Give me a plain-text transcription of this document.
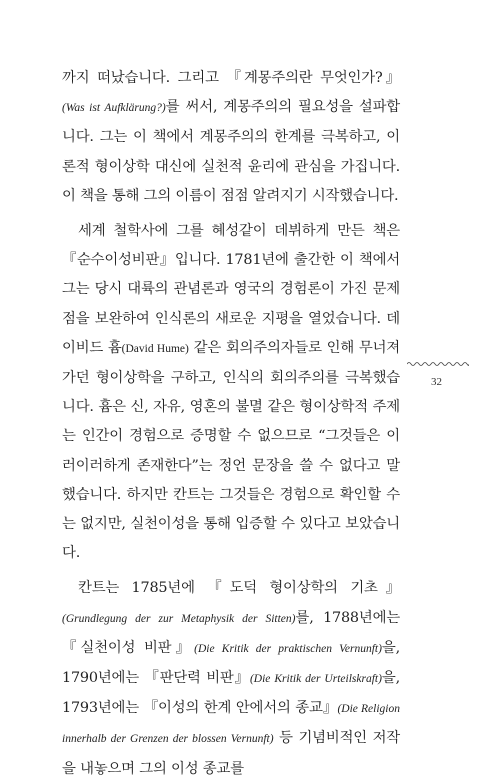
까지 떠났습니다. 그리고 『계몽주의란 무엇인가?』(Was ist Aufklärung?)를 써서, 계몽주의의 필요성을 설파합니다. 그는 이 책에서 계몽주의의 한계를 극복하고, 이론적 형이상학 대신에 실천적 윤리에 관심을 가집니다. 이 책을 통해 그의 이름이 점점 알려지기 시작했습니다.

세계 철학사에 그를 혜성같이 데뷔하게 만든 책은 『순수이성비판』입니다. 1781년에 출간한 이 책에서 그는 당시 대륙의 관념론과 영국의 경험론이 가진 문제점을 보완하여 인식론의 새로운 지평을 열었습니다. 데이비드 흄(David Hume) 같은 회의주의자들로 인해 무너져 가던 형이상학을 구하고, 인식의 회의주의를 극복했습니다. 흄은 신, 자유, 영혼의 불멸 같은 형이상학적 주제는 인간이 경험으로 증명할 수 없으므로 “그것들은 이러이러하게 존재한다”는 정언 문장을 쓸 수 없다고 말했습니다. 하지만 칸트는 그것들은 경험으로 확인할 수는 없지만, 실천이성을 통해 입증할 수 있다고 보았습니다.

칸트는 1785년에 『도덕 형이상학의 기초』(Grundlegung der zur Metaphysik der Sitten)를, 1788년에는 『실천이성 비판』(Die Kritik der praktischen Vernunft)을, 1790년에는 『판단력 비판』(Die Kritik der Urteilskraft)을, 1793년에는 『이성의 한계 안에서의 종교』(Die Religion innerhalb der Grenzen der blossen Vernunft) 등 기념비적인 저작을 내놓으며 그의 이성 종교를

32
